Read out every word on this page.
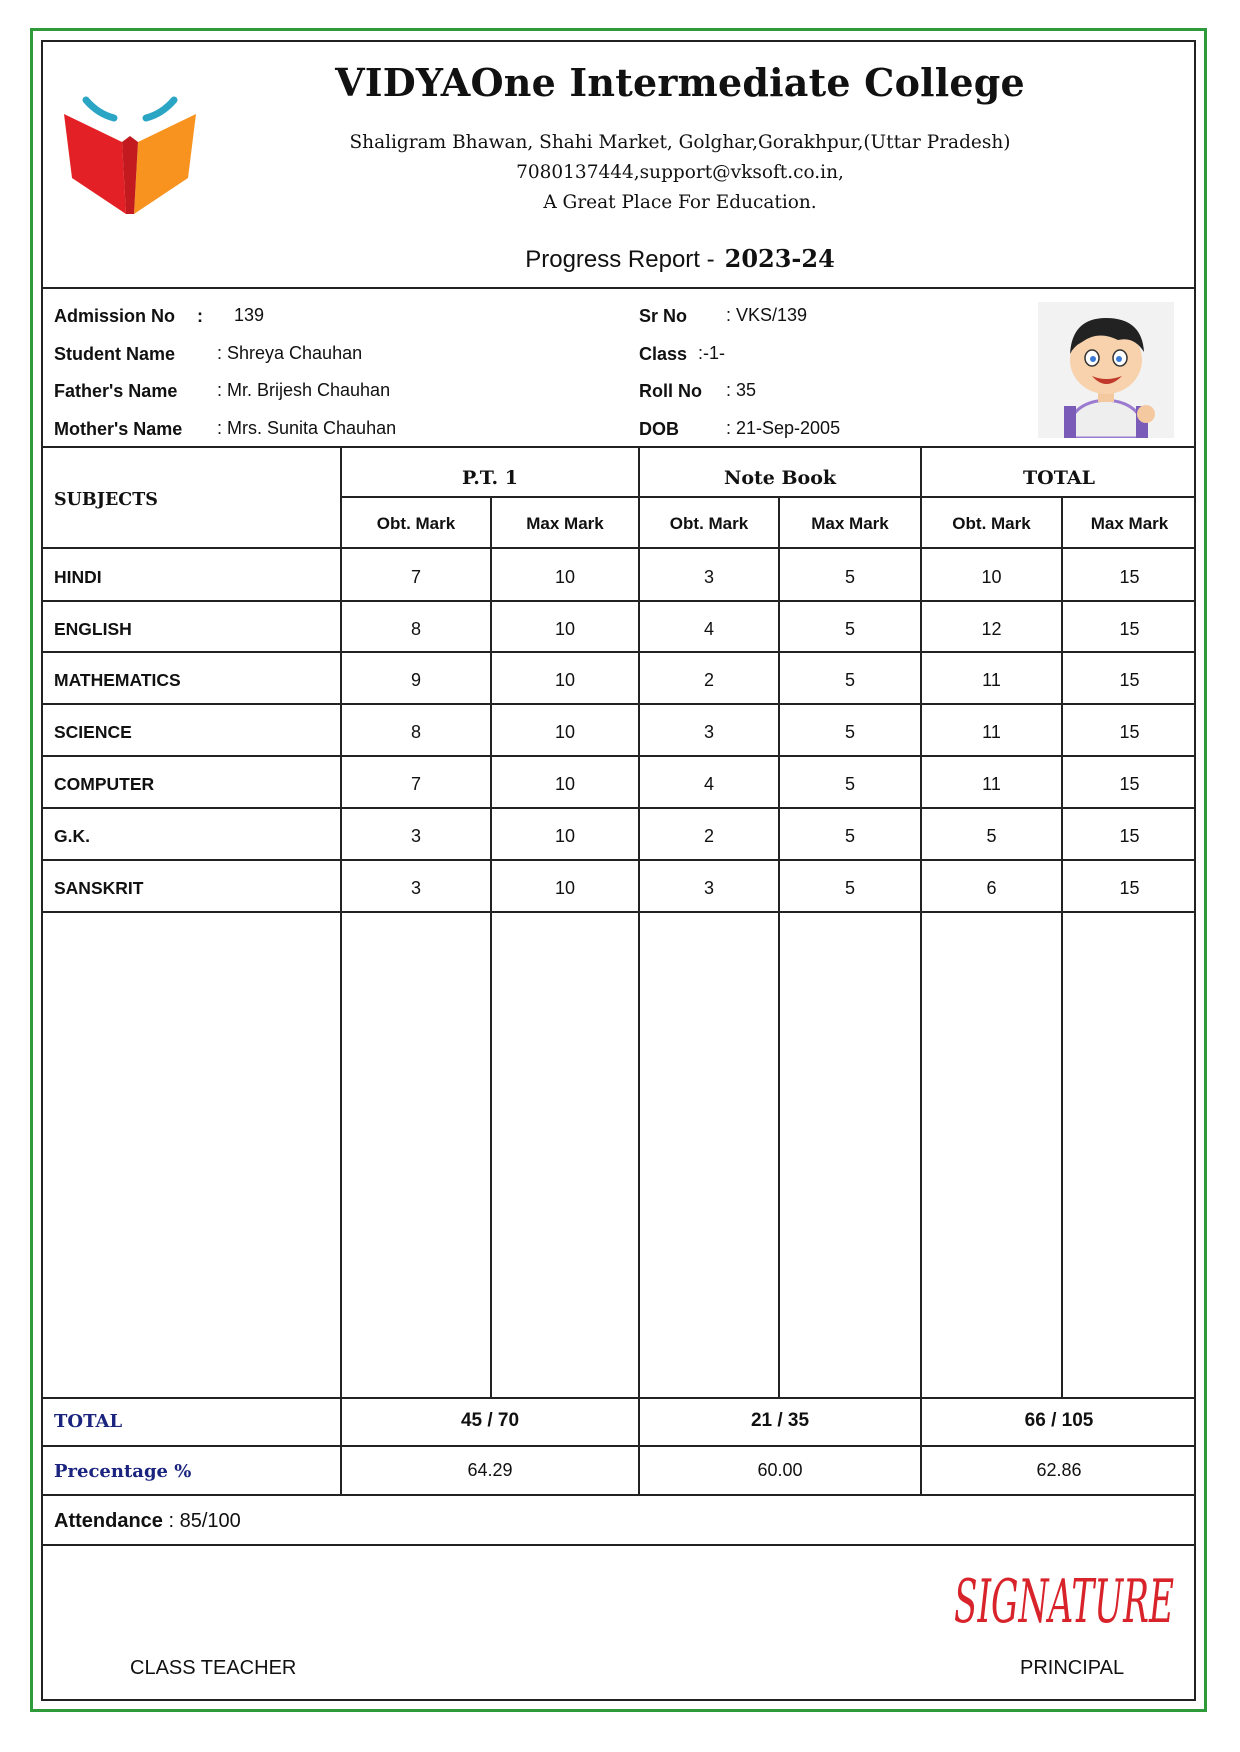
VIDYAOne Intermediate College
Shaligram Bhawan, Shahi Market, Golghar,Gorakhpur,(Uttar Pradesh)
7080137444,support@vksoft.co.in,
A Great Place For Education.
Progress Report - 2023-24
Admission No : 139
Student Name : Shreya Chauhan
Father's Name : Mr. Brijesh Chauhan
Mother's Name : Mrs. Sunita Chauhan
Sr No : VKS/139
Class :-1-
Roll No : 35
DOB	: 21-Sep-2005
SUBJECTS
P.T. 1	Note Book	TOTAL
Obt. Mark	Max Mark	Obt. Mark	Max Mark	Obt. Mark	Max Mark
HINDI	7	10	3	5	10	15
ENGLISH	8	10	4	5	12	15
MATHEMATICS	9	10	2	5	11	15
SCIENCE	8	10	3	5	11	15
COMPUTER	7	10	4	5	11	15
G.K.	3	10	2	5	5	15
SANSKRIT	3	10	3	5	6	15
TOTAL	45 / 70	21 / 35	66 / 105
Precentage %	64.29	60.00	62.86
Attendance : 85/100
SIGNATURE
CLASS TEACHER	PRINCIPAL
